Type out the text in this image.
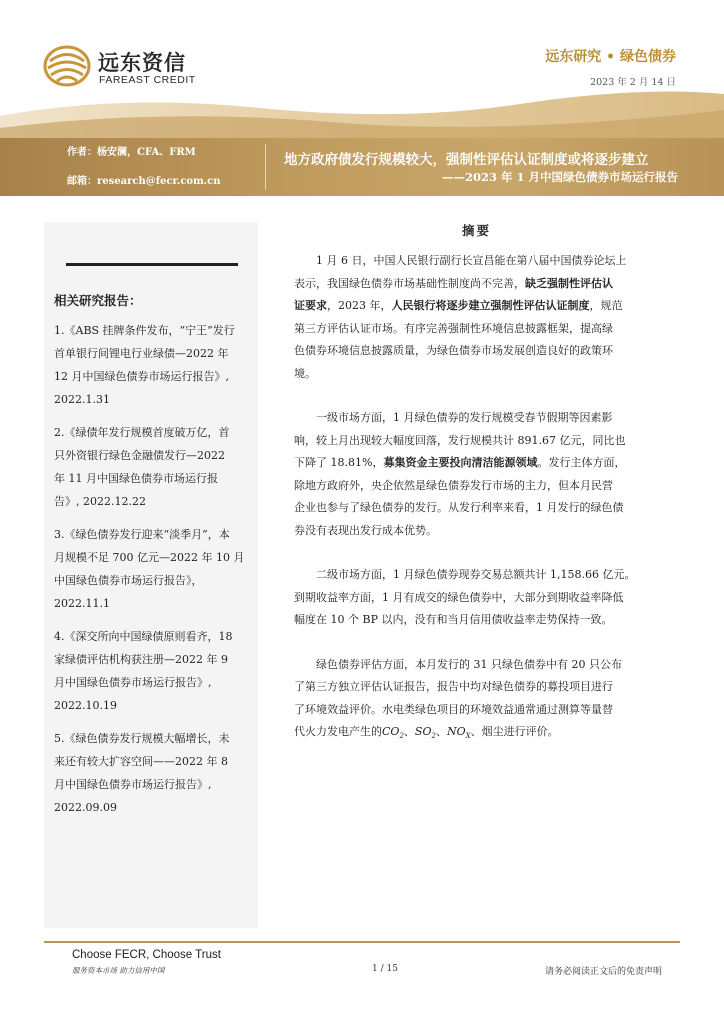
远东资信
FAREAST CREDIT
远东研究 • 绿色债券
2023 年 2 月 14 日
作者：杨安澜，CFA、FRM
邮箱：research@fecr.com.cn
地方政府债发行规模较大，强制性评估认证制度或将逐步建立
——2023 年 1 月中国绿色债券市场运行报告
相关研究报告：
1.《ABS 挂牌条件发布，“宁王”发行
首单银行间锂电行业绿债—2022 年
12 月中国绿色债券市场运行报告》,
2022.1.31
2.《绿债年发行规模首度破万亿，首
只外资银行绿色金融债发行—2022
年 11 月中国绿色债券市场运行报
告》, 2022.12.22
3.《绿色债券发行迎来“淡季月”，本
月规模不足 700 亿元—2022 年 10 月
中国绿色债券市场运行报告》，
2022.11.1
4.《深交所向中国绿债原则看齐，18
家绿债评估机构获注册—2022 年 9
月中国绿色债券市场运行报告》,
2022.10.19
5.《绿色债券发行规模大幅增长，未
来还有较大扩容空间——2022 年 8
月中国绿色债券市场运行报告》,
2022.09.09
摘要
1 月 6 日，中国人民银行副行长宣昌能在第八届中国债券论坛上
表示，我国绿色债券市场基础性制度尚不完善，缺乏强制性评估认
证要求，2023 年，人民银行将逐步建立强制性评估认证制度，规范
第三方评估认证市场。有序完善强制性环境信息披露框架，提高绿
色债券环境信息披露质量，为绿色债券市场发展创造良好的政策环
境。
一级市场方面，1 月绿色债券的发行规模受春节假期等因素影
响，较上月出现较大幅度回落，发行规模共计 891.67 亿元，同比也
下降了 18.81%，募集资金主要投向清洁能源领域。发行主体方面，
除地方政府外，央企依然是绿色债券发行市场的主力，但本月民营
企业也参与了绿色债券的发行。从发行利率来看，1 月发行的绿色债
券没有表现出发行成本优势。
二级市场方面，1 月绿色债券现券交易总额共计 1,158.66 亿元。
到期收益率方面，1 月有成交的绿色债券中，大部分到期收益率降低
幅度在 10 个 BP 以内，没有和当月信用债收益率走势保持一致。
绿色债券评估方面，本月发行的 31 只绿色债券中有 20 只公布
了第三方独立评估认证报告，报告中均对绿色债券的募投项目进行
了环境效益评价。水电类绿色项目的环境效益通常通过测算等量替
代火力发电产生的$CO_2$、$SO_2$、$NO_X$、烟尘进行评价。
Choose FECR, Choose Trust
服务资本市场 助力信用中国	1 / 15	请务必阅读正文后的免责声明
